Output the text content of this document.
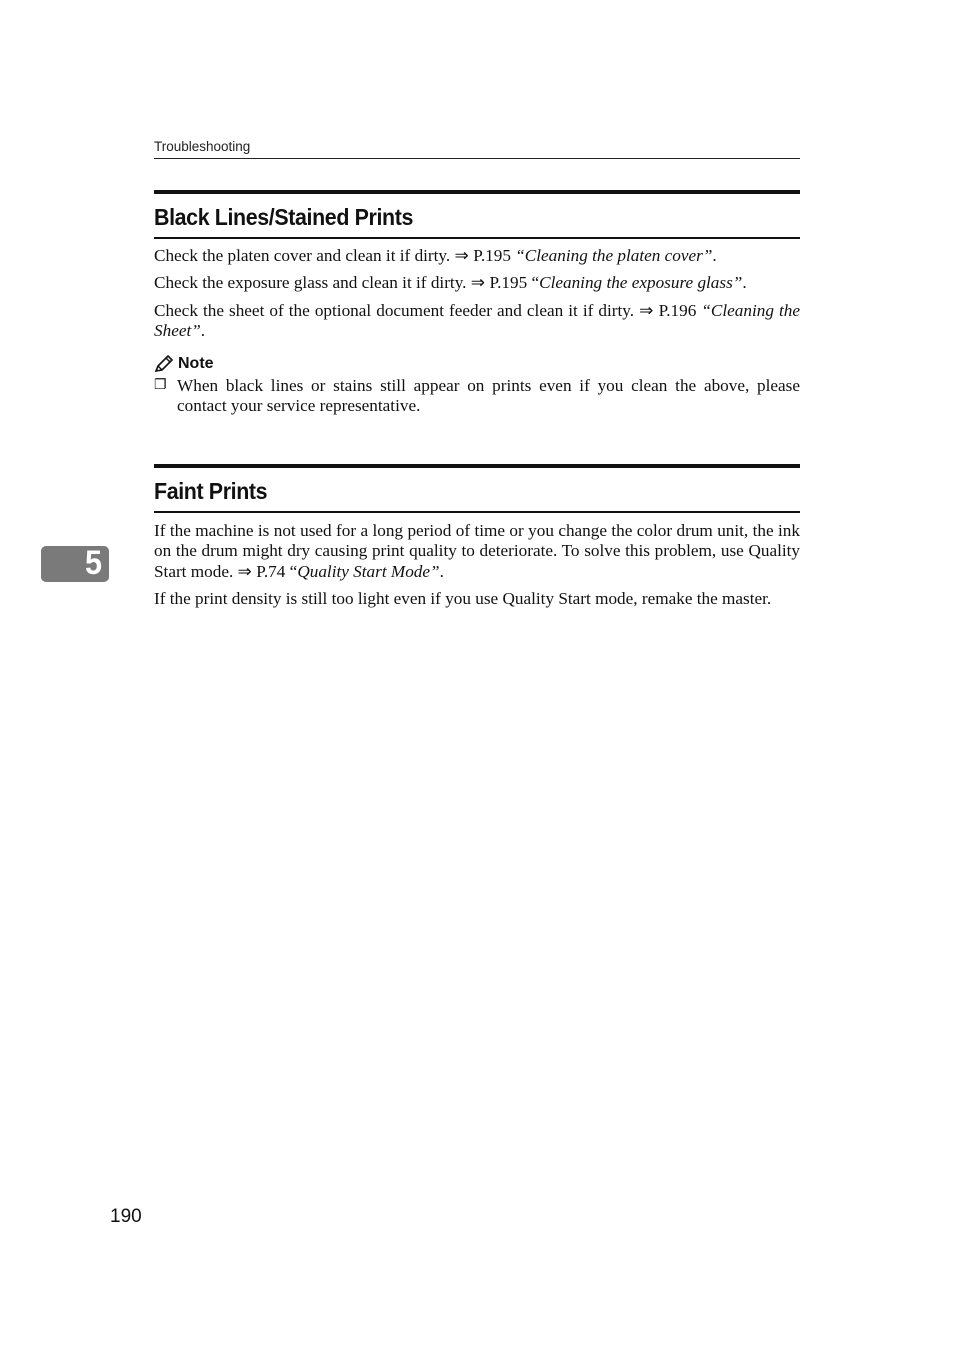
Troubleshooting
Black Lines/Stained Prints

Check the platen cover and clean it if dirty. ⇒ P.195 “Cleaning the platen cover”.

Check the exposure glass and clean it if dirty. ⇒ P.195 “Cleaning the exposure glass”.

Check the sheet of the optional document feeder and clean it if dirty. ⇒ P.196 “Cleaning the Sheet”.

Note
❐ When black lines or stains still appear on prints even if you clean the above, please contact your service representative.
Faint Prints

If the machine is not used for a long period of time or you change the color drum unit, the ink on the drum might dry causing print quality to deteriorate. To solve this problem, use Quality Start mode. ⇒ P.74 “Quality Start Mode”.

If the print density is still too light even if you use Quality Start mode, remake the master.

5
190
